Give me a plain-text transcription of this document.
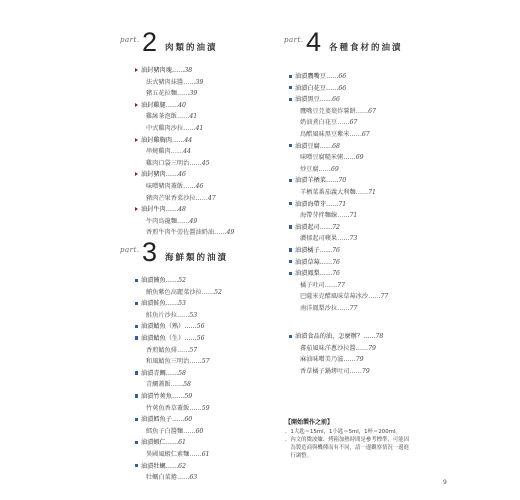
part. 2 肉類的油漬
油封豬肉塊……38
法式豬肉抹醬……39
豬五花拉麵……39
油封雞腿……40
雞絲茶泡飯……41
中式雞肉沙拉……41
油封雞胸肉……44
串燒雞肉……44
雞肉口袋三明治……45
油封豬肉……46
味噌豬肉蓋飯……46
豬肉芒果香菜沙拉……47
油封牛肉……48
牛肉烏龍麵……49
香煎牛肉牛蒡佐醬油奶油……49
part. 3 海鮮類的油漬
油漬鮪魚……52
鮪魚紫色高麗菜沙拉……52
油漬鮭魚……53
鮭魚片沙拉……53
油漬鯖魚（熟）……56
油漬鯖魚（生）……56
香煎鯖魚排……57
和風鯖魚三明治……57
油漬青鯛……58
青鯛蓋飯……58
油漬竹莢魚……59
竹莢魚香草蓋飯……59
油漬鱈魚子……60
鱈魚子白醬麵……60
油漬蝦仁……61
異國風蝦仁素麵……61
油漬牡蠣……62
牡蠣白菜捲……63
part. 4 各種食材的油漬
油漬鷹嘴豆……66
油漬白花豆……66
油漬黑豆……66
鷹嘴豆芫荽葉炸薯餅……67
奶油煮白花豆……67
鳥醋風味黑豆紫米……67
油漬豆腐……68
味噌豆腐糙米粥……69
炒豆腐……69
油漬羊栖菜……70
羊栖菜番茄義大利麵……71
油漬海帶芽……71
海帶芽拌麵線……71
油漬起司……72
濃郁起司蘋果……73
油漬橘子……76
油漬草莓……76
油漬鳳梨……76
橘子吐司……77
巴薩米克醋風味草莓冰沙……77
南洋鳳梨沙拉……77
油漬食品的油，怎麼辦？……78
蕃茄風味洋蔥沙拉醬……79
麻油味噌美乃滋……79
香草橘子鍋烤吐司……79
【開始製作之前】
．1大匙＝15ml，1小匙＝5ml，1杯＝200ml。
．內文的微波爐、烤箱加熱時間是參考標準，可能因
　為製造商與機種而有不同，請一邊觀察情況一邊進
　行調整。
9
